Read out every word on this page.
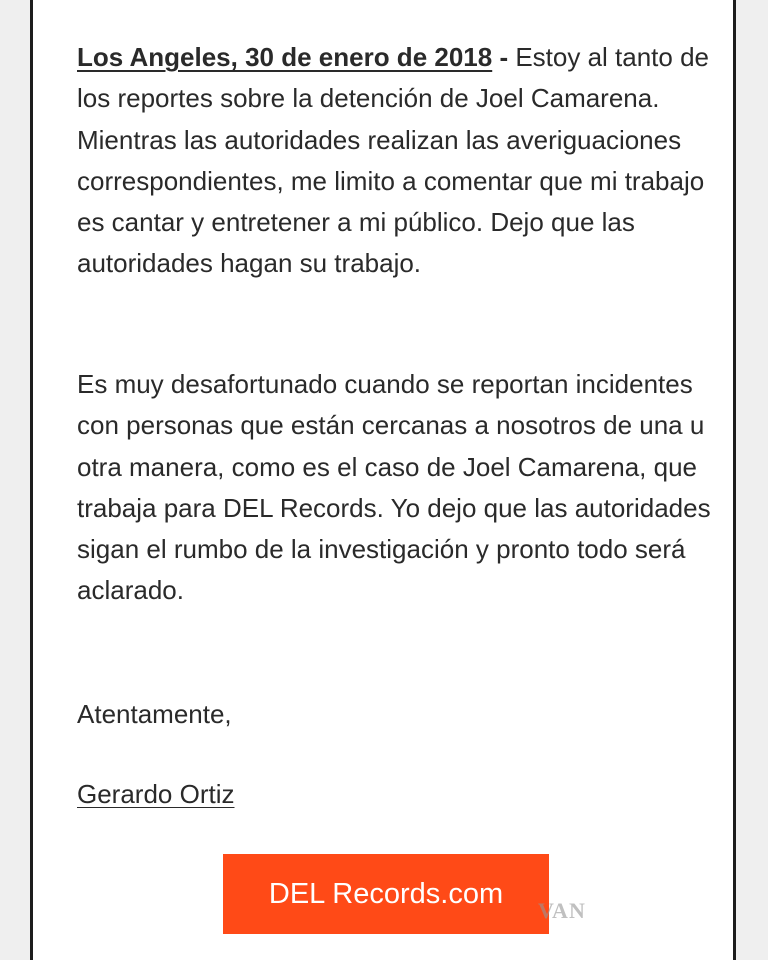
Los Angeles, 30 de enero de 2018 - Estoy al tanto de los reportes sobre la detención de Joel Camarena. Mientras las autoridades realizan las averiguaciones correspondientes, me limito a comentar que mi trabajo es cantar y entretener a mi público. Dejo que las autoridades hagan su trabajo.
Es muy desafortunado cuando se reportan incidentes con personas que están cercanas a nosotros de una u otra manera, como es el caso de Joel Camarena, que trabaja para DEL Records. Yo dejo que las autoridades sigan el rumbo de la investigación y pronto todo será aclarado.
Atentamente,
Gerardo Ortiz
DEL Records.com
VAN
